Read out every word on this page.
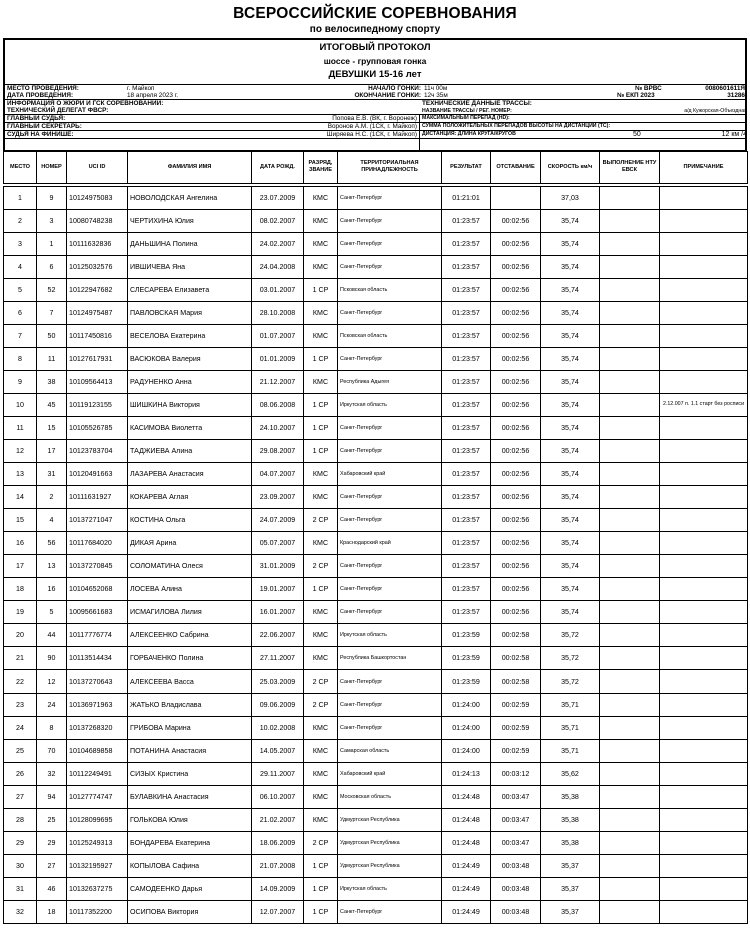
ВСЕРОССИЙСКИЕ СОРЕВНОВАНИЯ
по велосипедному спорту
ИТОГОВЫЙ ПРОТОКОЛ
шоссе - групповая гонка
ДЕВУШКИ 15-16 лет
МЕСТО ПРОВЕДЕНИЯ:	г. Майкоп	НАЧАЛО ГОНКИ: 11ч 00м	№ ВРВС	0080601611Я
ДАТА ПРОВЕДЕНИЯ:	18 апреля 2023 г.	ОКОНЧАНИЕ ГОНКИ: 12ч 35м	№ ЕКП 2023	31286
ИНФОРМАЦИЯ О ЖЮРИ И ГСК СОРЕВНОВАНИЙ:	ТЕХНИЧЕСКИЕ ДАННЫЕ ТРАССЫ:
ТЕХНИЧЕСКИЙ ДЕЛЕГАТ ФВСР:	НАЗВАНИЕ ТРАССЫ / РЕГ. НОМЕР:	а/д Кужорская-Объездная
ГЛАВНЫЙ СУДЬЯ:	Попова Е.В. (ВК, г. Воронеж) МАКСИМАЛЬНЫЙ ПЕРЕПАД (HD):
ГЛАВНЫЙ СЕКРЕТАРЬ:	Воронов А.М. (1СК, г. Майкоп) СУММА ПОЛОЖИТЕЛЬНЫХ ПЕРЕПАДОВ ВЫСОТЫ НА ДИСТАНЦИИ (ТС):
СУДЬЯ НА ФИНИШЕ:	Ширяева Н.С. (1СК, г. Майкоп) ДИСТАНЦИЯ: ДЛИНА КРУГА/КРУГОВ	50	12 км /4
МЕСТО	НОМЕР	UCI ID	ФАМИЛИЯ ИМЯ	ДАТА РОЖД.	РАЗРЯД, ЗВАНИЕ	ТЕРРИТОРИАЛЬНАЯ ПРИНАДЛЕЖНОСТЬ	РЕЗУЛЬТАТ	ОТСТАВАНИЕ	СКОРОСТЬ км/ч	ВЫПОЛНЕНИЕ НТУ ЕВСК	ПРИМЕЧАНИЕ

1	9	10124975083	НОВОЛОДСКАЯ Ангелина	23.07.2009	КМС	Санкт-Петербург	01:21:01		37,03		
2	3	10080748238	ЧЕРТИХИНА Юлия	08.02.2007	КМС	Санкт-Петербург	01:23:57	00:02:56	35,74		
3	1	10111632836	ДАНЬШИНА Полина	24.02.2007	КМС	Санкт-Петербург	01:23:57	00:02:56	35,74		
4	6	10125032576	ИВШИЧЕВА Яна	24.04.2008	КМС	Санкт-Петербург	01:23:57	00:02:56	35,74		
5	52	10122947682	СЛЕСАРЕВА Елизавета	03.01.2007	1 СР	Псковская область	01:23:57	00:02:56	35,74		
6	7	10124975487	ПАВЛОВСКАЯ Мария	28.10.2008	КМС	Санкт-Петербург	01:23:57	00:02:56	35,74		
7	50	10117450816	ВЕСЕЛОВА Екатерина	01.07.2007	КМС	Псковская область	01:23:57	00:02:56	35,74		
8	11	10127617931	ВАСЮКОВА Валерия	01.01.2009	1 СР	Санкт-Петербург	01:23:57	00:02:56	35,74		
9	38	10109564413	РАДУНЕНКО Анна	21.12.2007	КМС	Республика Адыгея	01:23:57	00:02:56	35,74		
10	45	10119123155	ШИШКИНА Виктория	08.06.2008	1 СР	Иркутская область	01:23:57	00:02:56	35,74		2.12.007 п. 1.1 старт без росписи
11	15	10105526785	КАСИМОВА Виолетта	24.10.2007	1 СР	Санкт-Петербург	01:23:57	00:02:56	35,74		
12	17	10123783704	ТАДЖИЕВА Алина	29.08.2007	1 СР	Санкт-Петербург	01:23:57	00:02:56	35,74		
13	31	10120491663	ЛАЗАРЕВА Анастасия	04.07.2007	КМС	Хабаровский край	01:23:57	00:02:56	35,74		
14	2	10111631927	КОКАРЕВА Аглая	23.09.2007	КМС	Санкт-Петербург	01:23:57	00:02:56	35,74		
15	4	10137271047	КОСТИНА Ольга	24.07.2009	2 СР	Санкт-Петербург	01:23:57	00:02:56	35,74		
16	56	10117684020	ДИКАЯ Арина	05.07.2007	КМС	Краснодарский край	01:23:57	00:02:56	35,74		
17	13	10137270845	СОЛОМАТИНА Олеся	31.01.2009	2 СР	Санкт-Петербург	01:23:57	00:02:56	35,74		
18	16	10104652068	ЛОСЕВА Алина	19.01.2007	1 СР	Санкт-Петербург	01:23:57	00:02:56	35,74		
19	5	10095661683	ИСМАГИЛОВА Лилия	16.01.2007	КМС	Санкт-Петербург	01:23:57	00:02:56	35,74		
20	44	10117776774	АЛЕКСЕЕНКО Сабрина	22.06.2007	КМС	Иркутская область	01:23:59	00:02:58	35,72		
21	90	10113514434	ГОРБАЧЕНКО Полина	27.11.2007	КМС	Республика Башкортостан	01:23:59	00:02:58	35,72		
22	12	10137270643	АЛЕКСЕЕВА Васса	25.03.2009	2 СР	Санкт-Петербург	01:23:59	00:02:58	35,72		
23	24	10136971963	ЖАТЬКО Владислава	09.06.2009	2 СР	Санкт-Петербург	01:24:00	00:02:59	35,71		
24	8	10137268320	ГРИБОВА Марина	10.02.2008	КМС	Санкт-Петербург	01:24:00	00:02:59	35,71		
25	70	10104689858	ПОТАНИНА Анастасия	14.05.2007	КМС	Самарская область	01:24:00	00:02:59	35,71		
26	32	10112249491	СИЗЫХ Кристина	29.11.2007	КМС	Хабаровский край	01:24:13	00:03:12	35,62		
27	94	10127774747	БУЛАВКИНА Анастасия	06.10.2007	КМС	Московская область	01:24:48	00:03:47	35,38		
28	25	10128099695	ГОЛЬКОВА Юлия	21.02.2007	КМС	Удмуртская Республика	01:24:48	00:03:47	35,38		
29	29	10125249313	БОНДАРЕВА Екатерина	18.06.2009	2 СР	Удмуртская Республика	01:24:48	00:03:47	35,38		
30	27	10132195927	КОПЫЛОВА Сафина	21.07.2008	1 СР	Удмуртская Республика	01:24:49	00:03:48	35,37		
31	46	10132637275	САМОДЕЕНКО Дарья	14.09.2009	1 СР	Иркутская область	01:24:49	00:03:48	35,37		
32	18	10117352200	ОСИПОВА Виктория	12.07.2007	1 СР	Санкт-Петербург	01:24:49	00:03:48	35,37		
